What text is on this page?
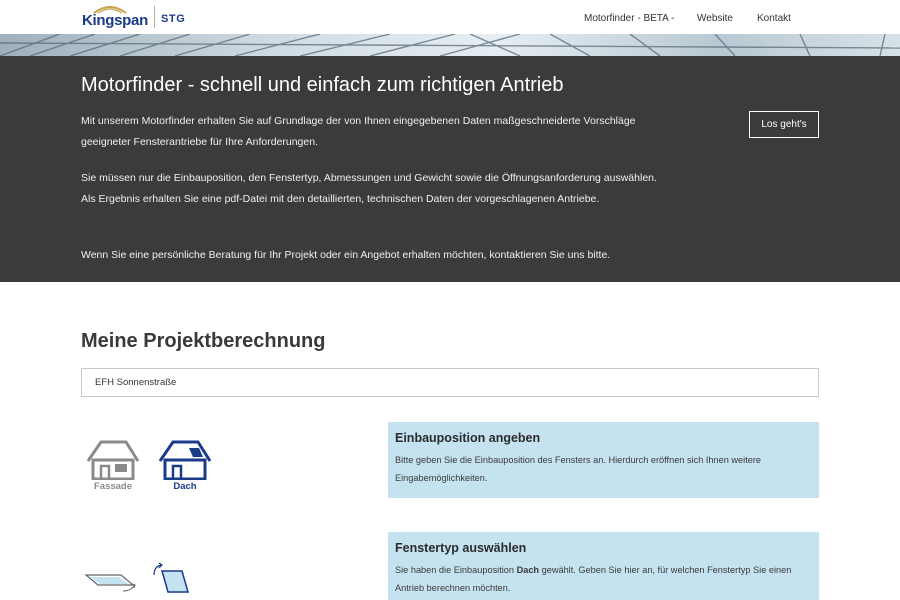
Kingspan STG	Motorfinder - BETA - Website Kontakt
Motorfinder - schnell und einfach zum richtigen Antrieb

Mit unserem Motorfinder erhalten Sie auf Grundlage der von Ihnen eingegebenen Daten maßgeschneiderte Vorschläge geeigneter Fensterantriebe für Ihre Anforderungen.

Sie müssen nur die Einbauposition, den Fenstertyp, Abmessungen und Gewicht sowie die Öffnungsanforderung auswählen. Als Ergebnis erhalten Sie eine pdf-Datei mit den detaillierten, technischen Daten der vorgeschlagenen Antriebe.

Wenn Sie eine persönliche Beratung für Ihr Projekt oder ein Angebot erhalten möchten, kontaktieren Sie uns bitte.

Los geht's
Meine Projektberechnung
EFH Sonnenstraße
Fassade	Dach
Einbauposition angeben
Bitte geben Sie die Einbauposition des Fensters an. Hierdurch eröffnen sich Ihnen weitere Eingabemöglichkeiten.
Fenstertyp auswählen
Sie haben die Einbauposition Dach gewählt. Geben Sie hier an, für welchen Fenstertyp Sie einen Antrieb berechnen möchten.
